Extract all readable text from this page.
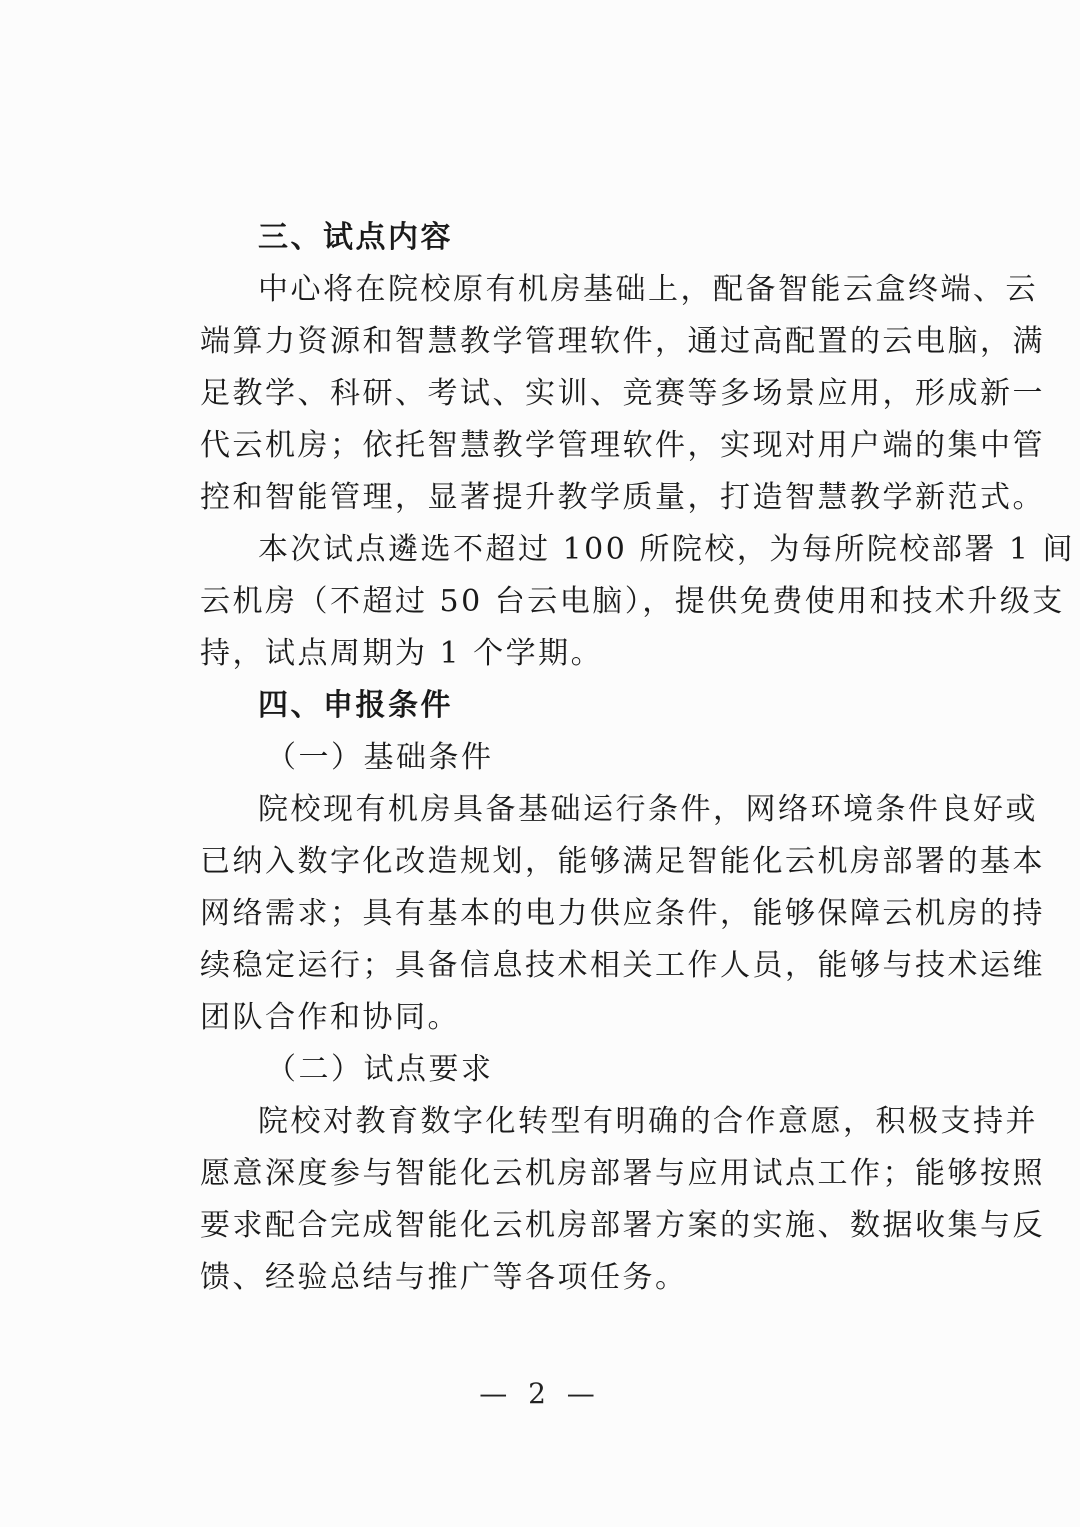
三、试点内容
中心将在院校原有机房基础上，配备智能云盒终端、云
端算力资源和智慧教学管理软件，通过高配置的云电脑，满
足教学、科研、考试、实训、竞赛等多场景应用，形成新一
代云机房；依托智慧教学管理软件，实现对用户端的集中管
控和智能管理，显著提升教学质量，打造智慧教学新范式。
本次试点遴选不超过 100 所院校，为每所院校部署 1 间
云机房（不超过 50 台云电脑），提供免费使用和技术升级支
持，试点周期为 1 个学期。
四、申报条件
（一）基础条件
院校现有机房具备基础运行条件，网络环境条件良好或
已纳入数字化改造规划，能够满足智能化云机房部署的基本
网络需求；具有基本的电力供应条件，能够保障云机房的持
续稳定运行；具备信息技术相关工作人员，能够与技术运维
团队合作和协同。
（二）试点要求
院校对教育数字化转型有明确的合作意愿，积极支持并
愿意深度参与智能化云机房部署与应用试点工作；能够按照
要求配合完成智能化云机房部署方案的实施、数据收集与反
馈、经验总结与推广等各项任务。
— 2 —
